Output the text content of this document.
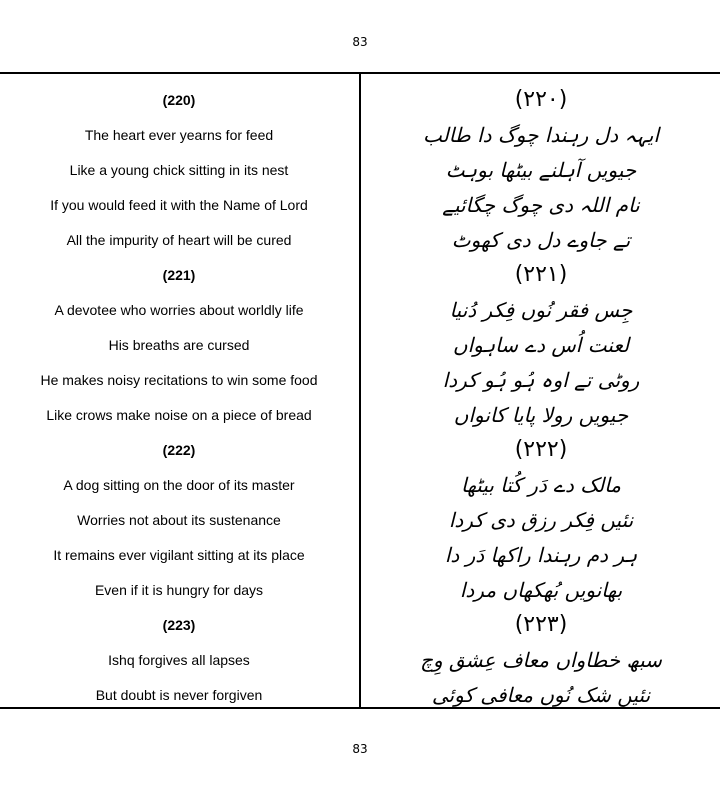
83
(220)
The heart ever yearns for feed
Like a young chick sitting in its nest
If you would feed it with the Name of Lord
All the impurity of heart will be cured
(221)
A devotee who worries about worldly life
His breaths are cursed
He makes noisy recitations to win some food
Like crows make noise on a piece of bread
(222)
A dog sitting on the door of its master
Worries not about its sustenance
It remains ever vigilant sitting at its place
Even if it is hungry for days
(223)
Ishq forgives all lapses
But doubt is never forgiven
(۲۲۰)
ایہہ دل رہندا چوگ دا طالب
جیویں آہلنے بیٹھا بوہٹ
نام اللہ دی چوگ چگائیے
تے جاوے دل دی کھوٹ
(۲۲۱)
جِس فقر نُوں فِکر دُنیا
لعنت اُس دے ساہواں
روٹی تے اوہ ہُو ہُو کردا
جیویں رولا پایا کانواں
(۲۲۲)
مالک دے دَر کُتا بیٹھا
نئیں فِکر رزق دی کردا
ہر دم رہندا راکھا دَر دا
بھانویں بُھکھاں مردا
(۲۲۳)
سبھ خطاواں معاف عِشق وِچ
نئیں شک نُوں معافی کوئی
83
